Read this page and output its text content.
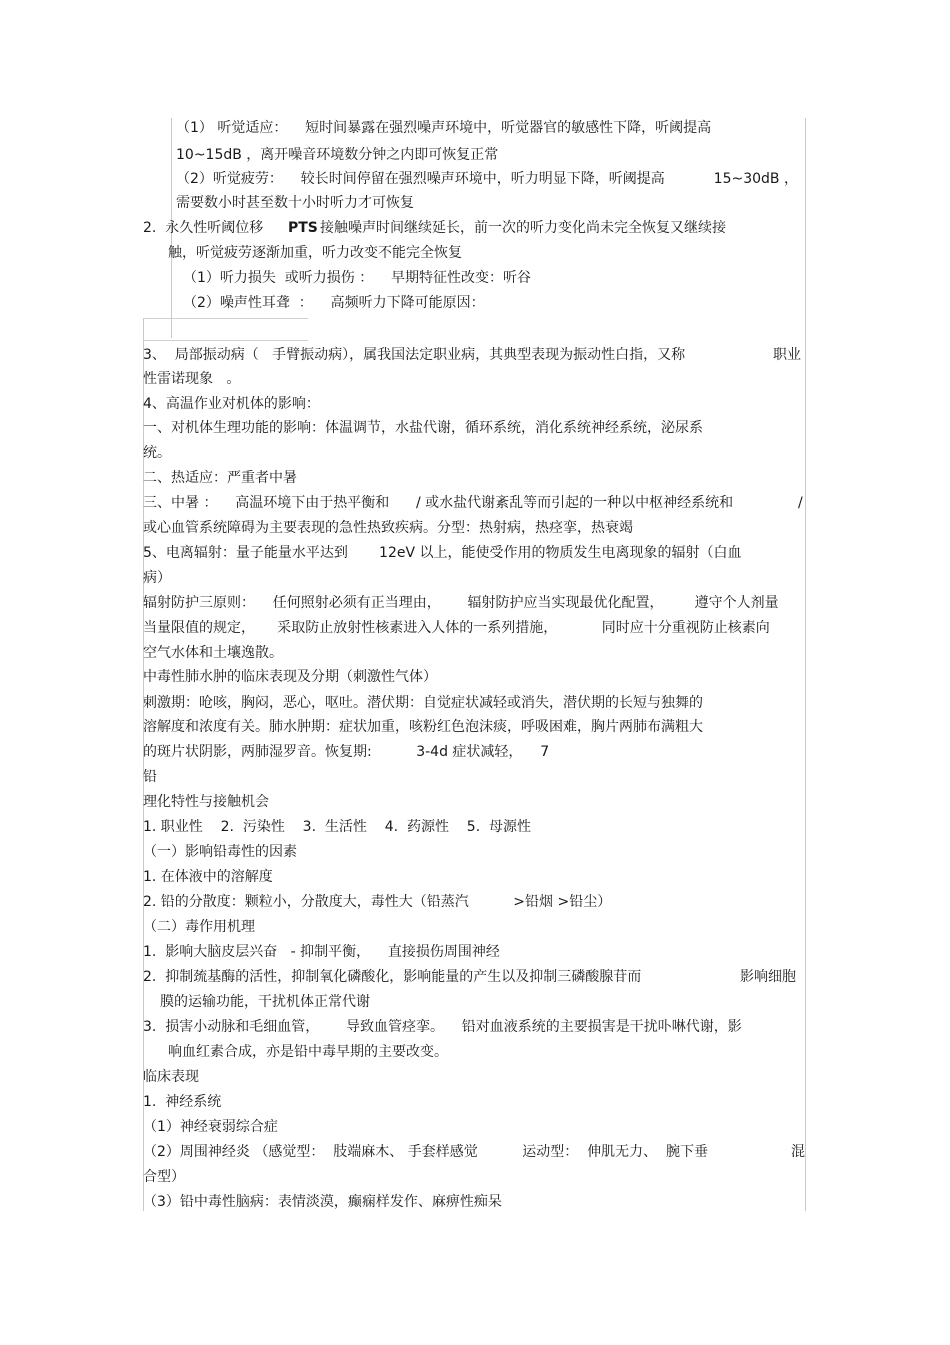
（1） 听觉适应：    短时间暴露在强烈噪声环境中，听觉器官的敏感性下降，听阈提高
10~15dB ，离开噪音环境数分钟之内即可恢复正常
（2）听觉疲劳：    较长时间停留在强烈噪声环境中，听力明显下降，听阈提高           15~30dB ，
需要数小时甚至数十小时听力才可恢复
2.  永久性听阈位移 PTS 接触噪声时间继续延长，前一次的听力变化尚未完全恢复又继续接
触，听觉疲劳逐渐加重，听力改变不能完全恢复
（1）听力损失  或听力损伤 ：    早期特征性改变：听谷
（2）噪声性耳聋  ：    高频听力下降可能原因：
3、  局部振动病（   手臂振动病），属我国法定职业病，其典型表现为振动性白指，又称	职业
性雷诺现象   。
4、高温作业对机体的影响：
一、对机体生理功能的影响：体温调节，水盐代谢，循环系统，消化系统神经系统，泌尿系
统。
二、热适应：严重者中暑
三、中暑 ：    高温环境下由于热平衡和      / 或水盐代谢紊乱等而引起的一种以中枢神经系统和	/
或心血管系统障碍为主要表现的急性热致疾病。分型：热射病，热痉挛，热衰竭
5、电离辐射：量子能量水平达到       12eV 以上，能使受作用的物质发生电离现象的辐射（白血
病）
辐射防护三原则：    任何照射必须有正当理由，      辐射防护应当实现最优化配置，       遵守个人剂量
当量限值的规定，     采取防止放射性核素进入人体的一系列措施，          同时应十分重视防止核素向
空气水体和土壤逸散。
中毒性肺水肿的临床表现及分期（刺激性气体）
刺激期：呛咳，胸闷，恶心，呕吐。潜伏期：自觉症状减轻或消失，潜伏期的长短与独舞的
溶解度和浓度有关。肺水肿期：症状加重，咳粉红色泡沫痰，呼吸困难，胸片两肺布满粗大
的斑片状阴影，两肺湿罗音。恢复期:          3-4d 症状减轻，    7
铅
理化特性与接触机会
1. 职业性    2.  污染性    3.  生活性    4.  药源性    5.  母源性
（一）影响铅毒性的因素
1. 在体液中的溶解度
2. 铅的分散度：颗粒小，分散度大，毒性大（铅蒸汽          >铅烟 >铅尘）
（二）毒作用机理
1.  影响大脑皮层兴奋   - 抑制平衡，    直接损伤周围神经
2.  抑制巯基酶的活性，抑制氧化磷酸化，影响能量的产生以及抑制三磷酸腺苷而	影响细胞
膜的运输功能，干扰机体正常代谢
3.  损害小动脉和毛细血管，      导致血管痉挛。    铅对血液系统的主要损害是干扰卟啉代谢，影
响血红素合成，亦是铅中毒早期的主要改变。
临床表现
1.  神经系统
（1）神经衰弱综合症
（2）周围神经炎 （感觉型：  肢端麻木、 手套样感觉          运动型：  伸肌无力、  腕下垂	混
合型）
（3）铅中毒性脑病：表情淡漠，癫痫样发作、麻痹性痴呆
